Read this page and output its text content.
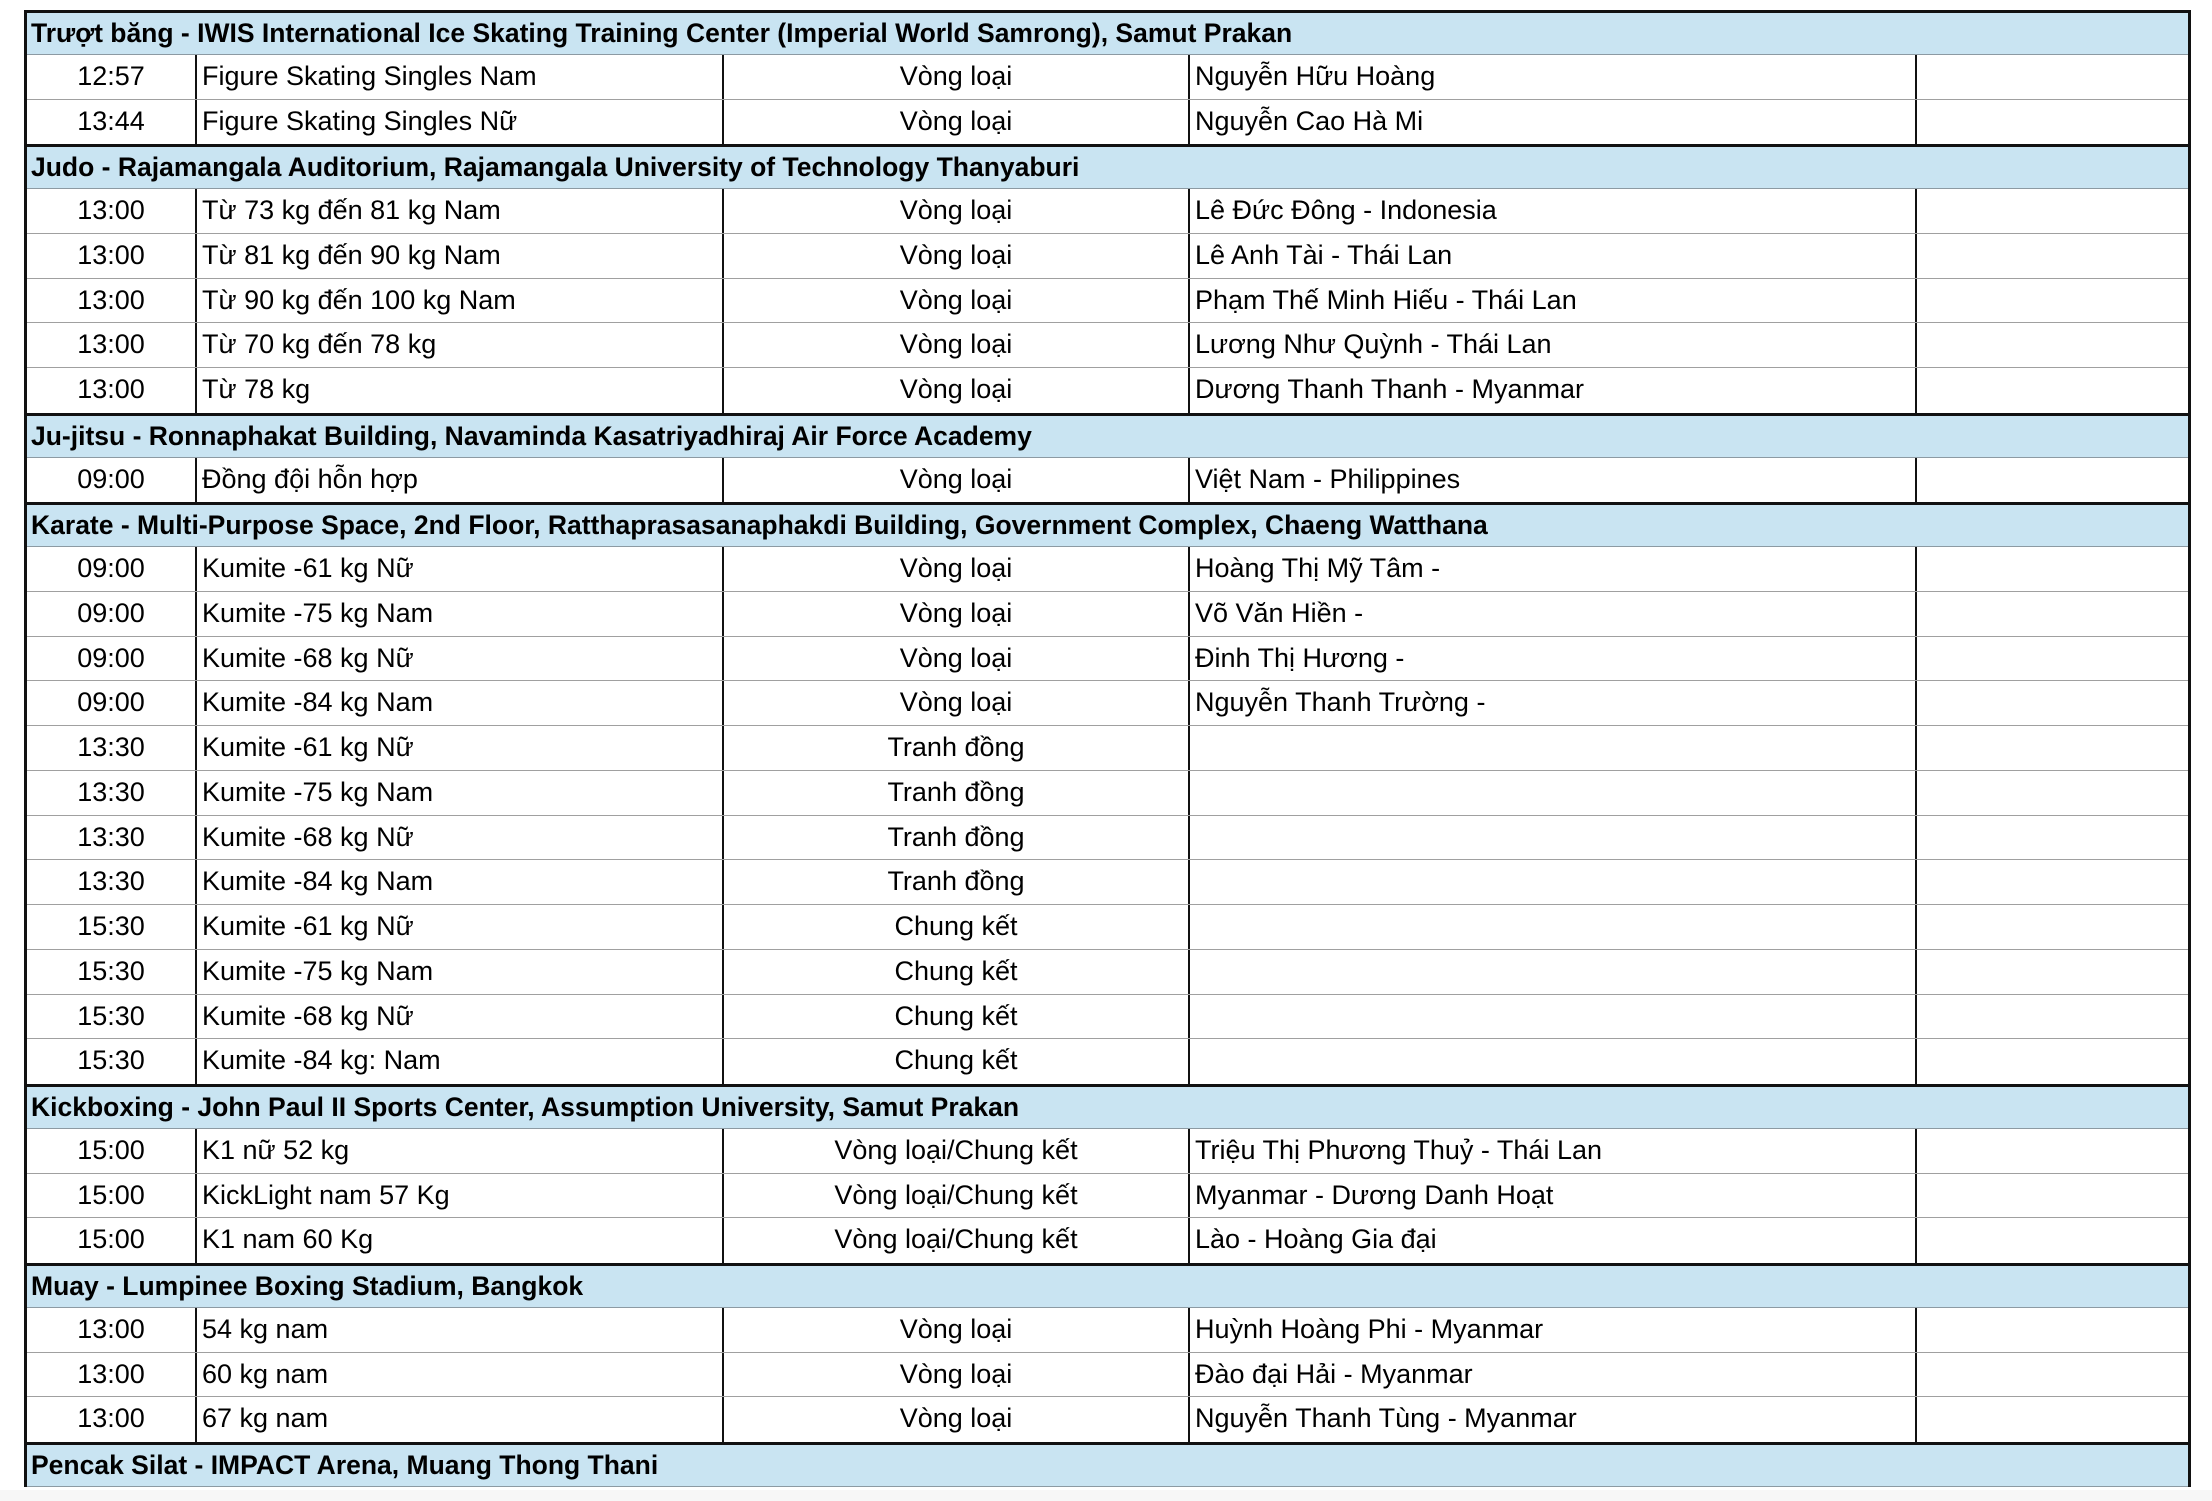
Trượt băng - IWIS International Ice Skating Training Center (Imperial World Samrong), Samut Prakan
12:57	Figure Skating Singles Nam	Vòng loại	Nguyễn Hữu Hoàng
13:44	Figure Skating Singles Nữ	Vòng loại	Nguyễn Cao Hà Mi
Judo - Rajamangala Auditorium, Rajamangala University of Technology Thanyaburi
13:00	Từ 73 kg đến 81 kg Nam	Vòng loại	Lê Đức Đông - Indonesia
13:00	Từ 81 kg đến 90 kg Nam	Vòng loại	Lê Anh Tài - Thái Lan
13:00	Từ 90 kg đến 100 kg Nam	Vòng loại	Phạm Thế Minh Hiếu - Thái Lan
13:00	Từ 70 kg đến 78 kg	Vòng loại	Lương Như Quỳnh - Thái Lan
13:00	Từ 78 kg	Vòng loại	Dương Thanh Thanh - Myanmar
Ju-jitsu - Ronnaphakat Building, Navaminda Kasatriyadhiraj Air Force Academy
09:00	Đồng đội hỗn hợp	Vòng loại	Việt Nam - Philippines
Karate - Multi-Purpose Space, 2nd Floor, Ratthaprasasanaphakdi Building, Government Complex, Chaeng Watthana
09:00	Kumite -61 kg Nữ	Vòng loại	Hoàng Thị Mỹ Tâm -
09:00	Kumite -75 kg Nam	Vòng loại	Võ Văn Hiền -
09:00	Kumite -68 kg Nữ	Vòng loại	Đinh Thị Hương -
09:00	Kumite -84 kg Nam	Vòng loại	Nguyễn Thanh Trường -
13:30	Kumite -61 kg Nữ	Tranh đồng
13:30	Kumite -75 kg Nam	Tranh đồng
13:30	Kumite -68 kg Nữ	Tranh đồng
13:30	Kumite -84 kg Nam	Tranh đồng
15:30	Kumite -61 kg Nữ	Chung kết
15:30	Kumite -75 kg Nam	Chung kết
15:30	Kumite -68 kg Nữ	Chung kết
15:30	Kumite -84 kg: Nam	Chung kết
Kickboxing - John Paul II Sports Center, Assumption University, Samut Prakan
15:00	K1 nữ 52 kg	Vòng loại/Chung kết	Triệu Thị Phương Thuỷ - Thái Lan
15:00	KickLight nam 57 Kg	Vòng loại/Chung kết	Myanmar - Dương Danh Hoạt
15:00	K1 nam 60 Kg	Vòng loại/Chung kết	Lào - Hoàng Gia đại
Muay - Lumpinee Boxing Stadium, Bangkok
13:00	54 kg nam	Vòng loại	Huỳnh Hoàng Phi - Myanmar
13:00	60 kg nam	Vòng loại	Đào đại Hải - Myanmar
13:00	67 kg nam	Vòng loại	Nguyễn Thanh Tùng - Myanmar
Pencak Silat - IMPACT Arena, Muang Thong Thani
